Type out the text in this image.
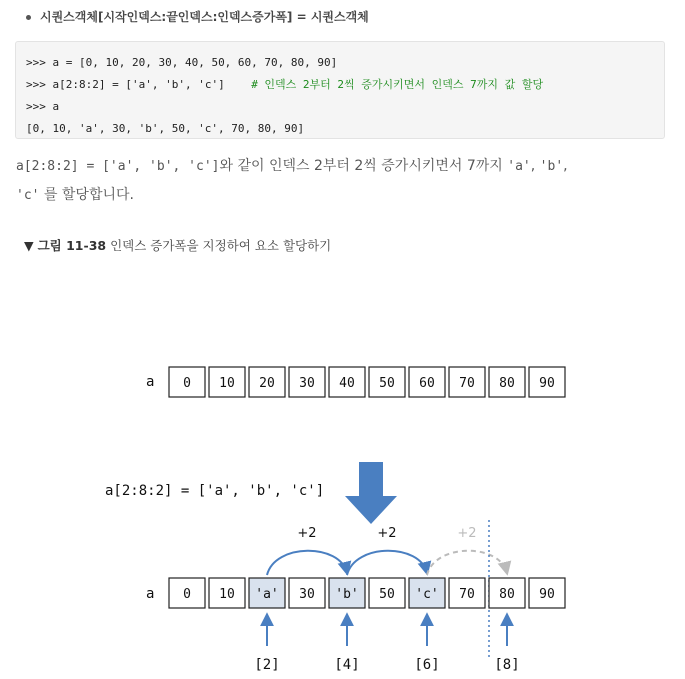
시퀀스객체[시작인덱스:끝인덱스:인덱스증가폭] = 시퀀스객체
>>> a = [0, 10, 20, 30, 40, 50, 60, 70, 80, 90]
>>> a[2:8:2] = ['a', 'b', 'c'] # 인덱스 2부터 2씩 증가시키면서 인덱스 7까지 값 할당
>>> a
[0, 10, 'a', 30, 'b', 50, 'c', 70, 80, 90]
a[2:8:2] = ['a', 'b', 'c']와 같이 인덱스 2부터 2씩 증가시키면서 7까지 'a', 'b',
'c' 를 할당합니다.
▼ 그림 11-38 인덱스 증가폭을 지정하여 요소 할당하기
a 0 10 20 30 40 50 60 70 80 90
a[2:8:2] = ['a', 'b', 'c']
+2	+2	+2
a 0 10 'a' 30 'b' 50 'c' 70 80 90
[2]	[4]	[6]	[8]
